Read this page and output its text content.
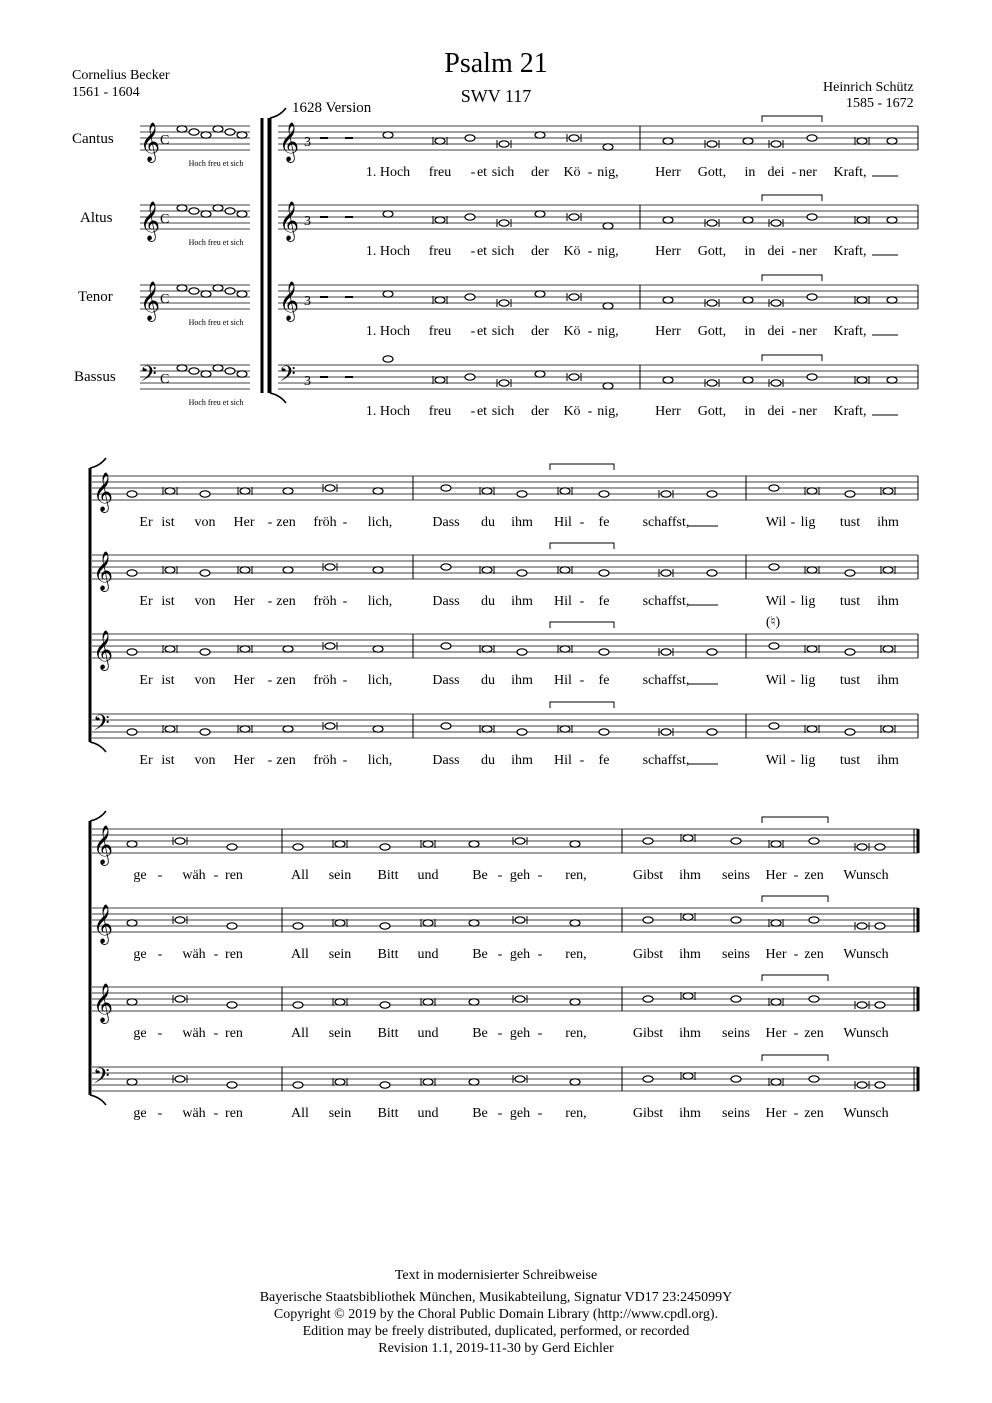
Psalm 21
SWV 117
Cornelius Becker
1561 - 1604	Heinrich Schütz
1585 - 1672
1628 Version
Cantus
Altus
Tenor
Bassus
𝄞 C
Hoch freu et sich
𝄞 3
1. Hoch freu - et sich der Kö - nig,	Herr Gott, in dei - ner Kraft,
𝄞 C
Hoch freu et sich
𝄞 3
1. Hoch freu - et sich der Kö - nig,	Herr Gott, in dei - ner Kraft,
𝄞 C
Hoch freu et sich
𝄞 3
1. Hoch freu - et sich der Kö - nig,	Herr Gott, in dei - ner Kraft,
𝄢 C
Hoch freu et sich
𝄢 3
1. Hoch freu - et sich der Kö - nig,	Herr Gott, in dei - ner Kraft,
𝄞
Er ist von Her - zen fröh - lich,	Dass du ihm Hil - fe schaffst,	Wil - lig tust ihm
𝄞
Er ist von Her - zen fröh - lich,	Dass du ihm Hil - fe schaffst,	Wil - lig tust ihm
𝄞
Er ist von Her - zen fröh - lich,	Dass du ihm Hil - fe schaffst,	Wil - lig tust ihm
𝄢
Er ist von Her - zen fröh - lich,	Dass du ihm Hil - fe schaffst,	Wil - lig tust ihm
(♮)
𝄞
ge - wäh - ren	All sein Bitt und Be - geh - ren,	Gibst ihm seins Her - zen Wunsch
𝄞
ge - wäh - ren	All sein Bitt und Be - geh - ren,	Gibst ihm seins Her - zen Wunsch
𝄞
ge - wäh - ren	All sein Bitt und Be - geh - ren,	Gibst ihm seins Her - zen Wunsch
𝄢
ge - wäh - ren	All sein Bitt und Be - geh - ren,	Gibst ihm seins Her - zen Wunsch
Text in modernisierter Schreibweise
Bayerische Staatsbibliothek München, Musikabteilung, Signatur VD17 23:245099Y
Copyright © 2019 by the Choral Public Domain Library (http://www.cpdl.org).
Edition may be freely distributed, duplicated, performed, or recorded
Revision 1.1, 2019-11-30 by Gerd Eichler
